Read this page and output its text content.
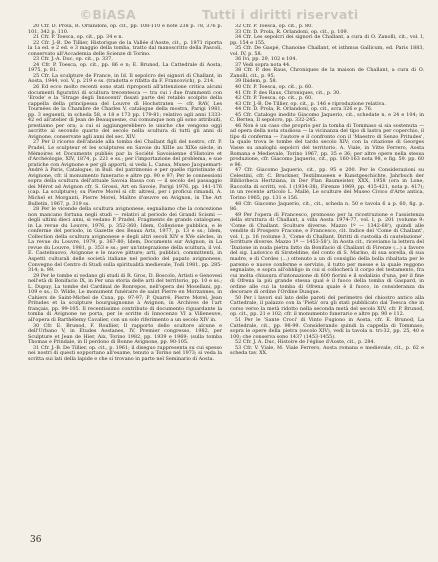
©BiASA	Tutti i diritti riservati

20 Cfr. D. Prola, R. Orlandoni, op. cit., pp. 108-110 e note 238 p. 78, 376 p. 101, 342 p. 110.

21 Cfr. P. Toesca, op. cit., pp. 34 e n.

22 Cfr. J.-B. De Tillier, Historique de la Vallée d'Aoste, cit., p. 1971 riporta la 1a ed. e 2 ed. e 3 maggio della tomba, tratto dal manoscritto della Pascoli, conservato all'Accademia delle Scienze di Torino.

23 Cfr. J.-A. Duc, op. cit., p. 337.

24 Cfr. P. Toesca, op. cit., pp. 86 e n; E. Brunod, La Cattedrale di Aosta, 1975, p. 81.

25 Cfr. La sculpture de France, in Id. Il sepolcro dei signori di Challant, in Aosta, 1944, vol. V, p. 219 e ss. (tradotta e rifatta da F. Francovich), p. 214.

26 Ed ecco molto recenti sono stati riproposti all'attenzione critica alcuni documenti figurativi di scultura trecentesca — tra cui i due frammenti con 'Erode' e la 'Strage degli Innocenti' fissati parte del retablo scolpito della cappella della principessa del Louvre di Hochstraten — cfr. RAV, Les Tournées de la Chambre de Charles V, catalogue della mostra, Parigi 1981, pp. 3 seguenti, in scheda 58, e 18 e 173 pp. 179-81; relativo agli anni 1333-42 ed all'atelier di Jean de Beauquesne, cui comunque non gli sono attribuiti, prestiamo per ora; a cui si aggiungerebbero le uniche che vengono oggi ascritte al secondo quarto del secolo nella scultura di tutti gli anni di Avignone, conservate agli anni del sec. XIV.

27 Per il ricorso dell'abside alla tomba dei Challant figli del nostro, cfr. P. Pradel, Le sculpteur et les sculptures en Savoie du XIIIe au XIXe siècle, in Mémoires et Documents publiés par la Société Savoisienne d'Histoire et d'Archéologie, XIV, 1874, p. 221 e ss.; per l'importazione del problema, e sue pratiche con Avignone e per gli apporti, si veda L. Cansa, Museo Jacquemart-André à Paris, Catalogue, in Bull. del patrimonio e per quelle ripristinate di Avignone, cfr. il monumento funerario e altre pp. 90 e 97; Per le connessioni sopra della scultura dell'attuale Savoia Bassa con — il secolo del passaggio dei Mérot ad Avignon cfr. S. Grossi, Art en Savoie, Parigi 1976, pp. 141-176 (cap. La sculpture); su Pierre Morel si cfr. altresì, per i proficui rimandi, A. Michel et Morganti, Pierre Morel, Maître d'œuvre en Avignon, in The Art Bulletin, 1967, p. 319 ss.

28 Per le vicende della scultura avignonese, segnaliamo che la concezione non mancano fortuna negli studi — relativi al periodo dei Grandi Scismi — degli ultimi dieci anni, si vedano P. Pradel, Fragments de grands catalogues, in La revue du Louvre, 1976, p. 352-360; Idem, Collezione pubblica, e le conferme del periodo, in Gazette des Beaux Arts, 1977, p. 13 e ss.; Idem, Collection della scultura avignonese e degli altri secoli XIV e XVe siècles, in La revue du Louvre, 1979, p. 367-80; Idem, Documents sur Avignon, in La revue du Louvre, 1981, p. 353 e ss.; per un'integrazione della scultura, il vol. E. Castelnuovo, Avignone e le nuove pitture; arti, pubblici, committenti, in Aspetti culturali delle società italiane nel periodo del papato avignonese, Convegno del Centro di Studi sulla spiritualità medievale, Todi 1981, pp. 285-314; n. 99.

29 Per le tombe si vedano gli studi di R. Gros, D. Boscolo, Artisti e Genovesi nell'età di Bonifacio IX, in Per una storia delle arti del territorio, pp. 10 e ss.; L. Dupuy, La tombe del Cardinal de Bonrepos, nell'opera dei Mosellani, pp. 109 e ss.; D. Wilde, Le monument funéraire de saint Pierre en Morzannes, in Cahiers de Saint-Michel de Cuxa, pp. 97-97; P. Quarré, Pierre Morel, Jean Pritudes et la sculpture bourguignonne à Avignon, in Archives de l'art français, pp. 99-105. Il recentissimo contributo di documento riguardante la tomba di Avignone ne porta, per le scritte di Innocenzo VI a Villeneuve, all'opera di Barthélemy Cavalier, con un solo riferimento a un secolo XIV in.

30 Cfr. E. Brunod, F. Roullier, Il rapporto dello scultore alcune e dell'Urbano V, in Études Aostanes, IV, Premier congresso, 1982, per Sculpture et Jean de Hier, Aix, Torino 1982, pp. 1939 e 1969; (sulla tomba Thomas e Prindale, in Il perdono di Bonne Avignone, pp. 90-105.

31 Cfr. J.-B. De Tillier, op. cit., p. 1961; il diseguo rappresenta su cui spesso nei nostri di questi sopportano all'esame, tenuto a Torino nel 1973; si veda la scritta sui lati della lapide e che si trovano in parte nel Seminario di Aosta.

32 Cfr. P. Toesca, op. cit., p. 80.

33 Cfr. D. Prola, R. Orlandoni, op. cit., p. 109.

34 Cfr. Les sepolcri dei signori de Challant, a cura di O. Zanolli, cit., vol. I, pp. 154 e 155.

35 Cfr. De Gaspé, Chanoine Challant, et isthmus Gallicum, ed. Paris 1883, vol. IV, p. 58.

36 Ivi, pp. 29, 102 e 104.

37 Vedi sopra nota 44.

38 Cfr. P. des Raus, Chroniques de la maison de Challant, a cura di O. Zanolli, cit., p. 95.

39 Ibidem, p. 58.

40 Cfr. P. Toesca, op. cit., p. 60.

41 Cfr. P. des Raus, Chroniques, cit., p. 30.

42 Cfr. P. Toesca, op. cit., p. 60.

43 Cfr. J.-B. De Tillier, op. cit., p. 146 e riproduzione relativa.

44 Cfr. D. Prola, R. Orlandoni, op. cit., scra 326 e p. 76.

45 Cfr. Catalogo inedito Giacomo Jaquerio, cit., schedate n. e 24 e 104; in C. Bertea, Il sepolcro, pp. 332-245.

46 Non è un caso che proprio per la tomba di Tommaso si sia sostenuta — ad opera della nota studiosa — la vicinanza del tipo di lastra per coperchio, il tipo di conferma — l'autore e il confronto con il 'Maestro di Senzo Pritudes', la quale trova le tombe del tardo secolo XIV; con la citazione di Georges Vasse su analoghi sepolcri del territorio, A. Viale, in Vitte Ferrero, Aosta Romana e Medievale, Torino 1967, pp. 35 e 36; per altre opere nella stessa produzione, cfr. Giacomo Jaquerio, cit., pp. 160-163 nota 98, e fig. 59. pp. 60 e 96.

47 Cfr. Giacomo Jaquerio, cit., pp. 95 e 200. Per le Considerazioni su Celestini, cfr. C. Bruckner, Textilmuseen e Kunstgeschichte, Jahrbuch der Bibliotheca Hertziana, in Der Plan Baumeister, XXX, 1958 (ora in Lone, Raccolta di scritti, vol. I (1934-38), Firenze 1969, pp. 415-421, nota p. 417); in un recente articolo L. Mallé, Le sculture del Museo Civico d'Arte antica, Torino 1965, pp. 131 e 156.

48 Cfr. Giacomo Jaquerio, cit., cit., scheda n. 50 e tavola 6 a p. 60, fig. p. 86.

49 Per l'opera di Francesco, promosso per la ricostruzione e l'assistenza della struttura di Challant, a villa Aosta 1974-77, vol. I, p. 201 (volume 9: 'Come di Challant. Sculture diverse. Mazzo 1º — 1342-68'), quindi alle vendite di Prospero Fracone, e Francesco, cit. Indice del 'Come di Challant', vol. I, p. 16 (volume 3, 'Come di Challant. Diritti di custodia di cautelazione'. Scritture diverse. Mazzo 1º — 1453-58'). In Aosta cit., riceviamo la lettera del 'Dazione in nuda pietra fatto da Bonifacio di Challant di Firenze (...) a favore del sig. Ludovico di Sirsteldine, del conto di S. Marino, di sua sorella, di sua madre, e di Cordes (...) ottenuto a un di consiglio della bolla ribaltata per le paremo e nuove conferme e servizio, il tutto per messe e la quale reggono segnalate, e sopra all'obbligo in cui si collocherà il corpo del testamento, fra cui molta chiusura d'intonazione di 600 fiorini e il sodalizio d'una, per il fine di Ofrena la più grande stessa qual è il fuoco della tomba di Gaspard, in ordine alle cui la tomba di Ofrena quale è il fuoco, in consideranza da decorare di ordine l'Ordine Dunque.

50 Per i lavori sul lato delle pareti del perimetro del chiostro antico alla Cattedrale, il palazzo con la 'Pietà' ora gli stati pubblicato dal Toesca che in corso verso la metà ridotto nella seconda metà del secolo XIV, cfr. P. Brunod, op. cit., pp. 21 e 102; cfr. il monumento funerario e altre pp. 90 e 112.

51 Per le 'Sante Croci' di Vinto Fugiono in Aosta, cfr. E. Brunod, La Cattedrale, cit., pp. 98-99. Considerando quindi la cappella di Tommaso, sopra le opere della pietra (secolo XIV), vedi la tavola n. tri-32, pp. 25, 40 e 100; che conserva sono 1437 (1453-1455).

52 Cfr. J. A. Duc, Histoire de l'église d'Aoste, cit., p. 284.

53 Cfr. V. Viale, M. Viale Ferrero, Aosta romana e medievale, cit., p. 62 e scheda tav. XX.

36
